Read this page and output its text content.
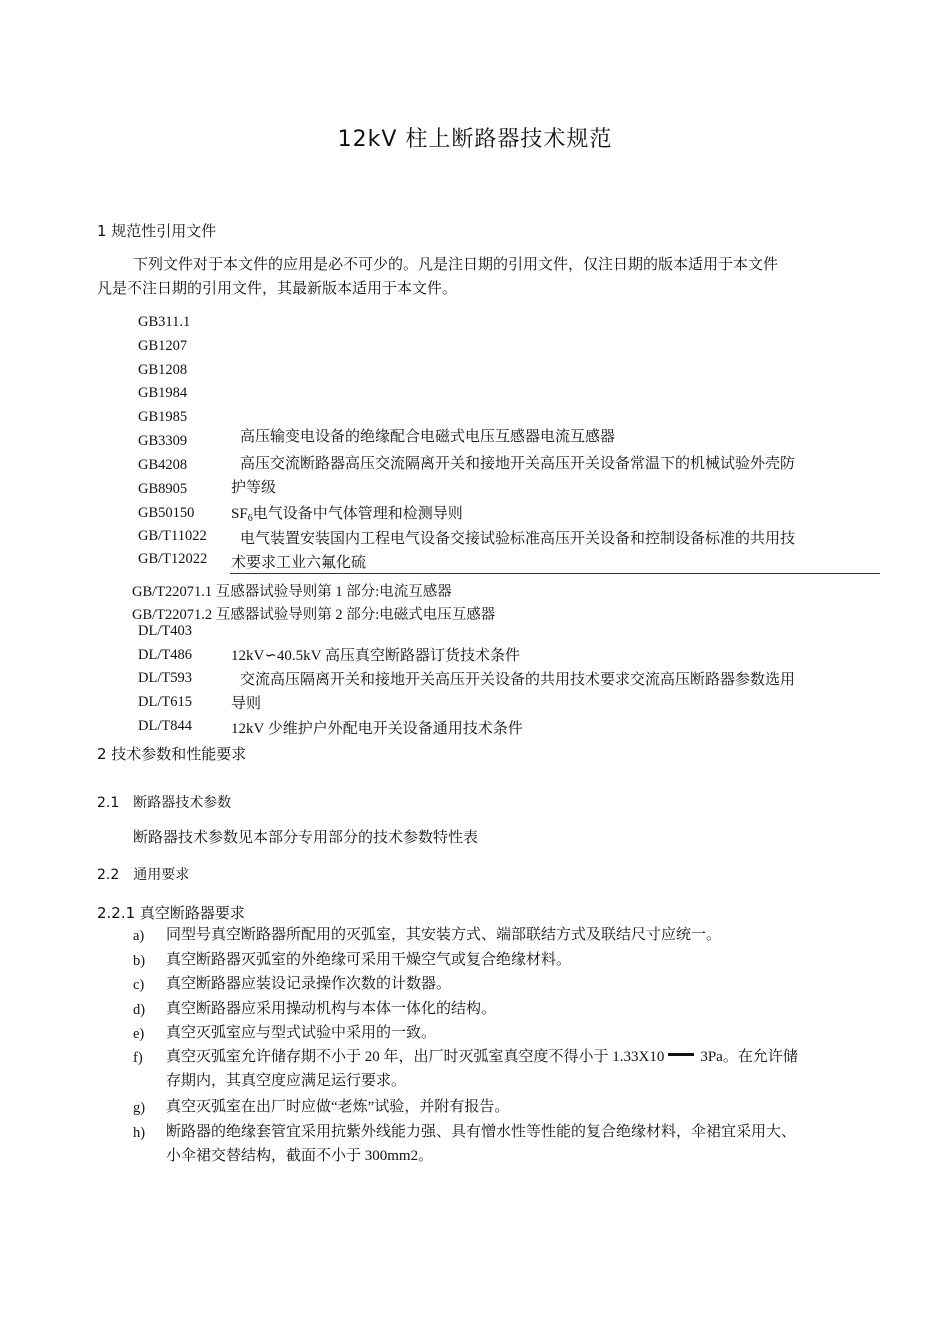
12kV 柱上断路器技术规范
1 规范性引用文件
下列文件对于本文件的应用是必不可少的。凡是注日期的引用文件，仅注日期的版本适用于本文件
凡是不注日期的引用文件，其最新版本适用于本文件。
GB311.1
GB1207
GB1208
GB1984
GB1985
GB3309
GB4208
GB8905
GB50150
GB/T11022
GB/T12022
高压输变电设备的绝缘配合电磁式电压互感器电流互感器
高压交流断路器高压交流隔离开关和接地开关高压开关设备常温下的机械试验外壳防
护等级
$SF_6$电气设备中气体管理和检测导则
电气装置安装国内工程电气设备交接试验标准高压开关设备和控制设备标准的共用技
术要求工业六氟化硫
GB/T22071.1 互感器试验导则第 1 部分:电流互感器
GB/T22071.2 互感器试验导则第 2 部分:电磁式电压互感器
DL/T403
DL/T486
DL/T593
DL/T615
DL/T844
12kV∽40.5kV 高压真空断路器订货技术条件
交流高压隔离开关和接地开关高压开关设备的共用技术要求交流高压断路器参数选用
导则
12kV 少维护户外配电开关设备通用技术条件
2 技术参数和性能要求
2.1　断路器技术参数
断路器技术参数见本部分专用部分的技术参数特性表
2.2　通用要求
2.2.1 真空断路器要求
a) 同型号真空断路器所配用的灭弧室，其安装方式、端部联结方式及联结尺寸应统一。
b) 真空断路器灭弧室的外绝缘可采用干燥空气或复合绝缘材料。
c) 真空断路器应装设记录操作次数的计数器。
d) 真空断路器应采用操动机构与本体一体化的结构。
e) 真空灭弧室应与型式试验中采用的一致。
f) 真空灭弧室允许储存期不小于 20 年，出厂时灭弧室真空度不得小于 1.33X10 3Pa。在允许储
存期内，其真空度应满足运行要求。
g) 真空灭弧室在出厂时应做“老炼”试验，并附有报告。
h) 断路器的绝缘套管宜采用抗紫外线能力强、具有憎水性等性能的复合绝缘材料，伞裙宜采用大、
小伞裙交替结构，截面不小于 300mm2。
